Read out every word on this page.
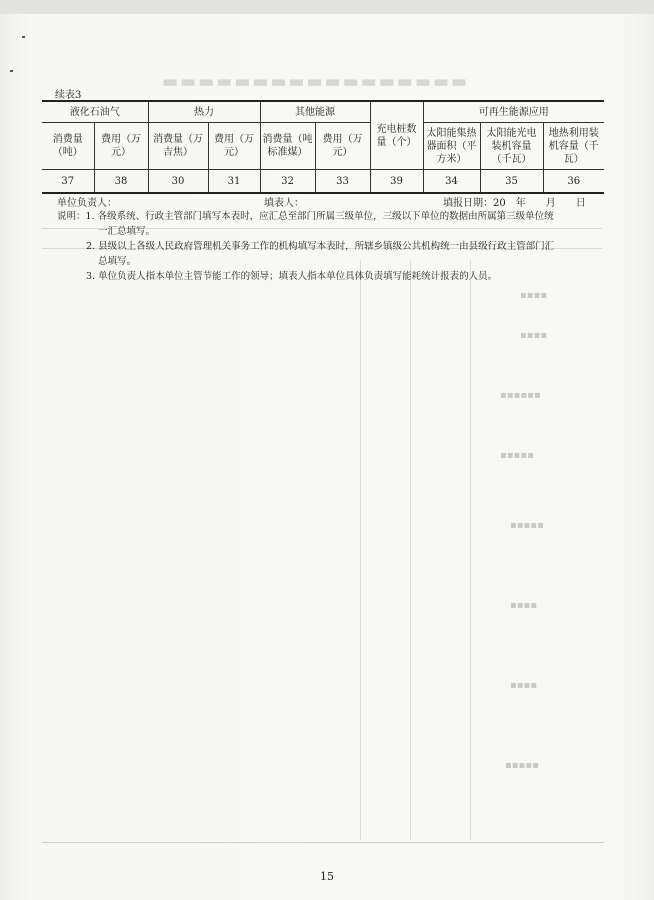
▬▬▬▬▬▬▬▬▬▬▬▬▬▬▬▬▬
▪▪▪▪
▪▪▪▪
▪▪▪▪▪▪
▪▪▪▪▪
▪▪▪▪▪
▪▪▪▪
▪▪▪▪
▪▪▪▪▪
续表3
液化石油气		热力		其他能源		充电桩数量（个）	可再生能源应用		
消费量（吨）	费用（万元）	消费量（万吉焦）	费用（万元）	消费量（吨标准煤）	费用（万元）		太阳能集热器面积（平方米）	太阳能光电装机容量（千瓦）	地热利用装机容量（千瓦）
37	38	30	31	32	33	39	34	35	36
单位负责人：	填表人：	填报日期：20　年　　月　　日
说明：1. 各级系统、行政主管部门填写本表时，应汇总至部门所属三级单位，三级以下单位的数据由所属第三级单位统
一汇总填写。
2. 县级以上各级人民政府管理机关事务工作的机构填写本表时，所辖乡镇级公共机构统一由县级行政主管部门汇
总填写。
3. 单位负责人指本单位主管节能工作的领导；填表人指本单位具体负责填写能耗统计报表的人员。
15
